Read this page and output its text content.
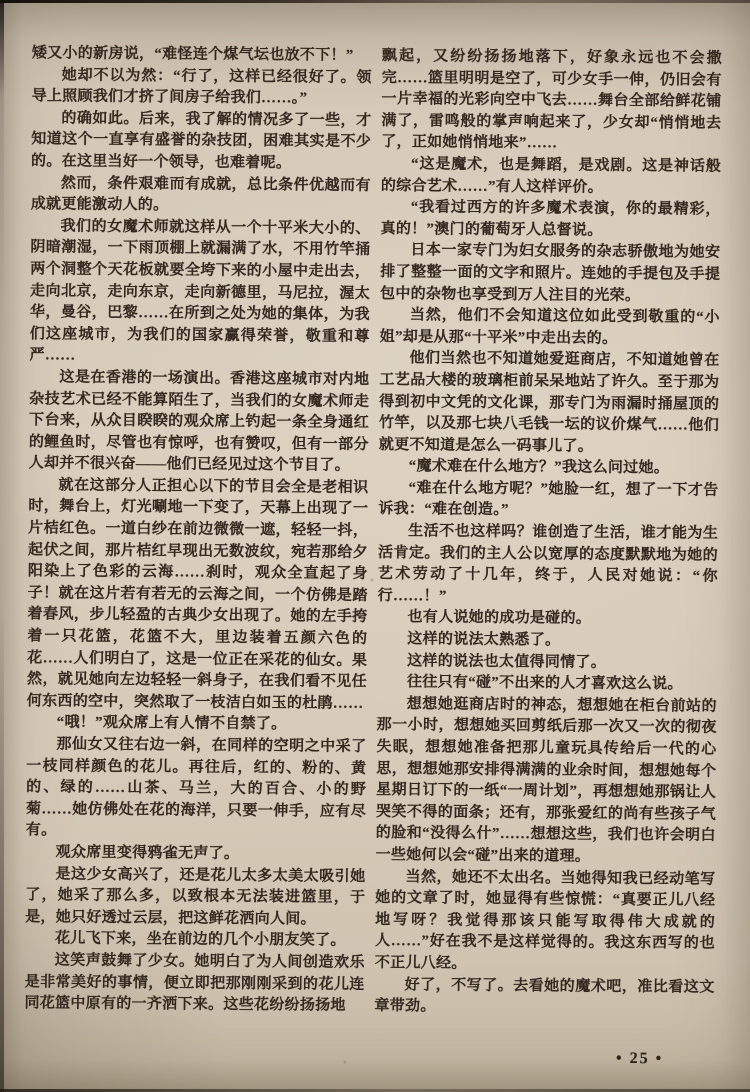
矮又小的新房说，“难怪连个煤气坛也放不下！”

她却不以为然：“行了，这样已经很好了。领导上照顾我们才挤了间房子给我们……。”

的确如此。后来，我了解的情况多了一些，才知道这个一直享有盛誉的杂技团，困难其实是不少的。在这里当好一个领导，也难着呢。

然而，条件艰难而有成就，总比条件优越而有成就更能激动人的。

我们的女魔术师就这样从一个十平米大小的、阴暗潮湿，一下雨顶棚上就漏满了水，不用竹竿捅两个洞整个天花板就要全垮下来的小屋中走出去，走向北京，走向东京，走向新德里，马尼拉，渥太华，曼谷，巴黎……在所到之处为她的集体，为我们这座城市，为我们的国家赢得荣誉，敬重和尊严……

这是在香港的一场演出。香港这座城市对内地杂技艺术已经不能算陌生了，当我们的女魔术师走下台来，从众目睽睽的观众席上钓起一条全身通红的鲤鱼时，尽管也有惊呼，也有赞叹，但有一部分人却并不很兴奋——他们已经见过这个节目了。

就在这部分人正担心以下的节目会全是老相识时，舞台上，灯光唰地一下变了，天幕上出现了一片桔红色。一道白纱在前边微微一遮，轻轻一抖，起伏之间，那片桔红早现出无数波纹，宛若那给夕阳染上了色彩的云海……刹时，观众全直起了身子！就在这片若有若无的云海之间，一个仿佛是踏着春风，步儿轻盈的古典少女出现了。她的左手挎着一只花篮，花篮不大，里边装着五颜六色的花……人们明白了，这是一位正在采花的仙女。果然，就见她向左边轻轻一斜身子，在我们看不见任何东西的空中，突然取了一枝洁白如玉的杜鹃……

“哦！”观众席上有人情不自禁了。

那仙女又往右边一斜，在同样的空明之中采了一枝同样颜色的花儿。再往后，红的、粉的、黄的、绿的……山茶、马兰，大的百合、小的野菊……她仿佛处在花的海洋，只要一伸手，应有尽有。

观众席里变得鸦雀无声了。

是这少女高兴了，还是花儿太多太美太吸引她了，她采了那么多，以致根本无法装进篮里，于是，她只好透过云层，把这鲜花洒向人间。

花儿飞下来，坐在前边的几个小朋友笑了。

这笑声鼓舞了少女。她明白了为人间创造欢乐是非常美好的事情，便立即把那刚刚采到的花儿连同花篮中原有的一齐洒下来。这些花纷纷扬扬地

飘起，又纷纷扬扬地落下，好象永远也不会撒完……篮里明明是空了，可少女手一伸，仍旧会有一片幸福的光彩向空中飞去……舞台全部给鲜花铺满了，雷鸣般的掌声响起来了，少女却“悄悄地去了，正如她悄悄地来”……

“这是魔术，也是舞蹈，是戏剧。这是神话般的综合艺术……”有人这样评价。

“我看过西方的许多魔术表演，你的最精彩，真的！”澳门的葡萄牙人总督说。

日本一家专门为妇女服务的杂志骄傲地为她安排了整整一面的文字和照片。连她的手提包及手提包中的杂物也享受到万人注目的光荣。

当然，他们不会知道这位如此受到敬重的“小姐”却是从那“十平米”中走出去的。

他们当然也不知道她爱逛商店，不知道她曾在工艺品大楼的玻璃柜前呆呆地站了许久。至于那为得到初中文凭的文化课，那专门为雨漏时捅屋顶的竹竿，以及那七块八毛钱一坛的议价煤气……他们就更不知道是怎么一码事儿了。

“魔术难在什么地方？”我这么问过她。

“难在什么地方呢？”她脸一红，想了一下才告诉我：“难在创造。”

生活不也这样吗？谁创造了生活，谁才能为生活肯定。我们的主人公以宽厚的态度默默地为她的艺术劳动了十几年，终于，人民对她说：“你行……！”

也有人说她的成功是碰的。

这样的说法太熟悉了。

这样的说法也太值得同情了。

往往只有“碰”不出来的人才喜欢这么说。

想想她逛商店时的神态，想想她在柜台前站的那一小时，想想她买回剪纸后那一次又一次的彻夜失眠，想想她准备把那儿童玩具传给后一代的心思，想想她那安排得满满的业余时间，想想她每个星期日订下的一纸“一周计划”，再想想她那锅让人哭笑不得的面条；还有，那张爱红的尚有些孩子气的脸和“没得么什”……想想这些，我们也许会明白一些她何以会“碰”出来的道理。

当然，她还不太出名。当她得知我已经动笔写她的文章了时，她显得有些惊慌：“真要正儿八经地写呀？我觉得那该只能写取得伟大成就的人……”好在我不是这样觉得的。我这东西写的也不正儿八经。

好了，不写了。去看她的魔术吧，准比看这文章带劲。

• 25 •
